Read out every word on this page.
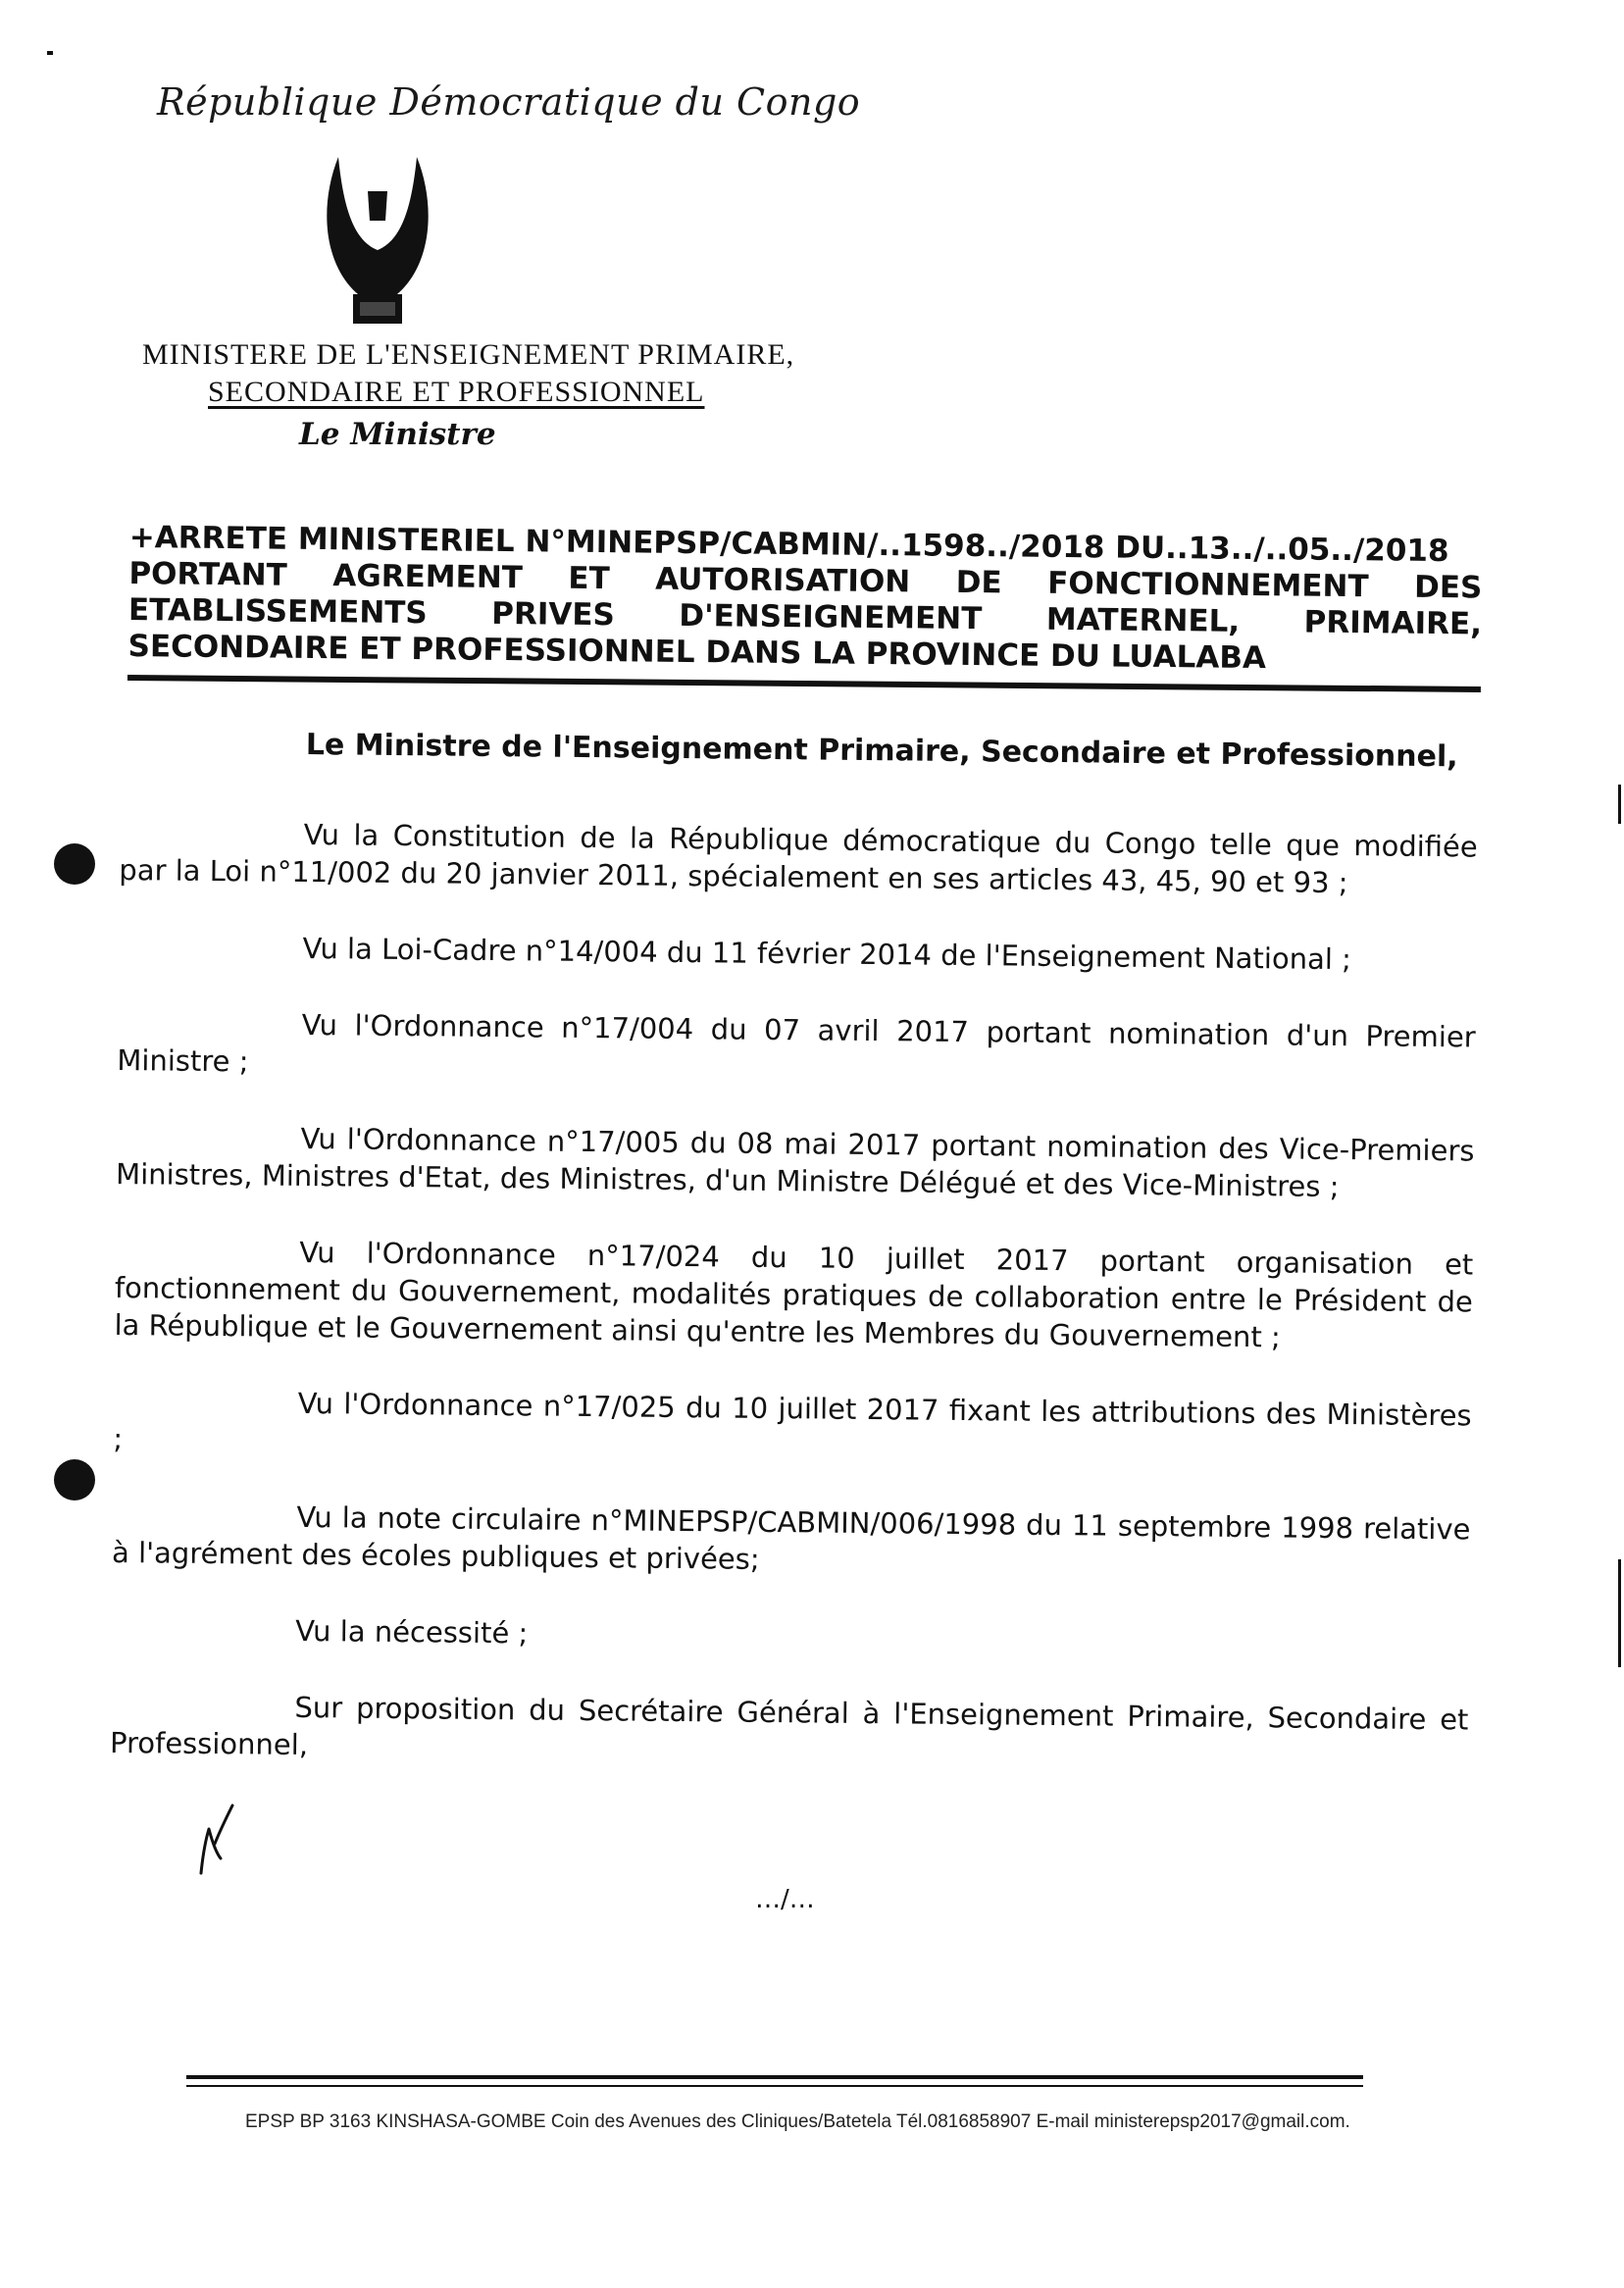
République Démocratique du Congo
MINISTERE DE L'ENSEIGNEMENT PRIMAIRE,
SECONDAIRE ET PROFESSIONNEL
Le Ministre
+ARRETE MINISTERIEL N°MINEPSP/CABMIN/..1598../2018 DU..13../..05../2018
PORTANT AGREMENT ET AUTORISATION DE FONCTIONNEMENT DES
ETABLISSEMENTS PRIVES D'ENSEIGNEMENT MATERNEL, PRIMAIRE,
SECONDAIRE ET PROFESSIONNEL DANS LA PROVINCE DU LUALABA
Le Ministre de l'Enseignement Primaire, Secondaire et Professionnel,

Vu la Constitution de la République démocratique du Congo telle que modifiée par la Loi n°11/002 du 20 janvier 2011, spécialement en ses articles 43, 45, 90 et 93 ;

Vu la Loi-Cadre n°14/004 du 11 février 2014 de l'Enseignement National ;

Vu l'Ordonnance n°17/004 du 07 avril 2017 portant nomination d'un Premier Ministre ;

Vu l'Ordonnance n°17/005 du 08 mai 2017 portant nomination des Vice-Premiers Ministres, Ministres d'Etat, des Ministres, d'un Ministre Délégué et des Vice-Ministres ;

Vu l'Ordonnance n°17/024 du 10 juillet 2017 portant organisation et fonctionnement du Gouvernement, modalités pratiques de collaboration entre le Président de la République et le Gouvernement ainsi qu'entre les Membres du Gouvernement ;

Vu l'Ordonnance n°17/025 du 10 juillet 2017 fixant les attributions des Ministères ;

Vu la note circulaire n°MINEPSP/CABMIN/006/1998 du 11 septembre 1998 relative à l'agrément des écoles publiques et privées;

Vu la nécessité ;

Sur proposition du Secrétaire Général à l'Enseignement Primaire, Secondaire et Professionnel,

…/…
EPSP BP 3163 KINSHASA-GOMBE Coin des Avenues des Cliniques/Batetela Tél.0816858907 E-mail ministerepsp2017@gmail.com.
